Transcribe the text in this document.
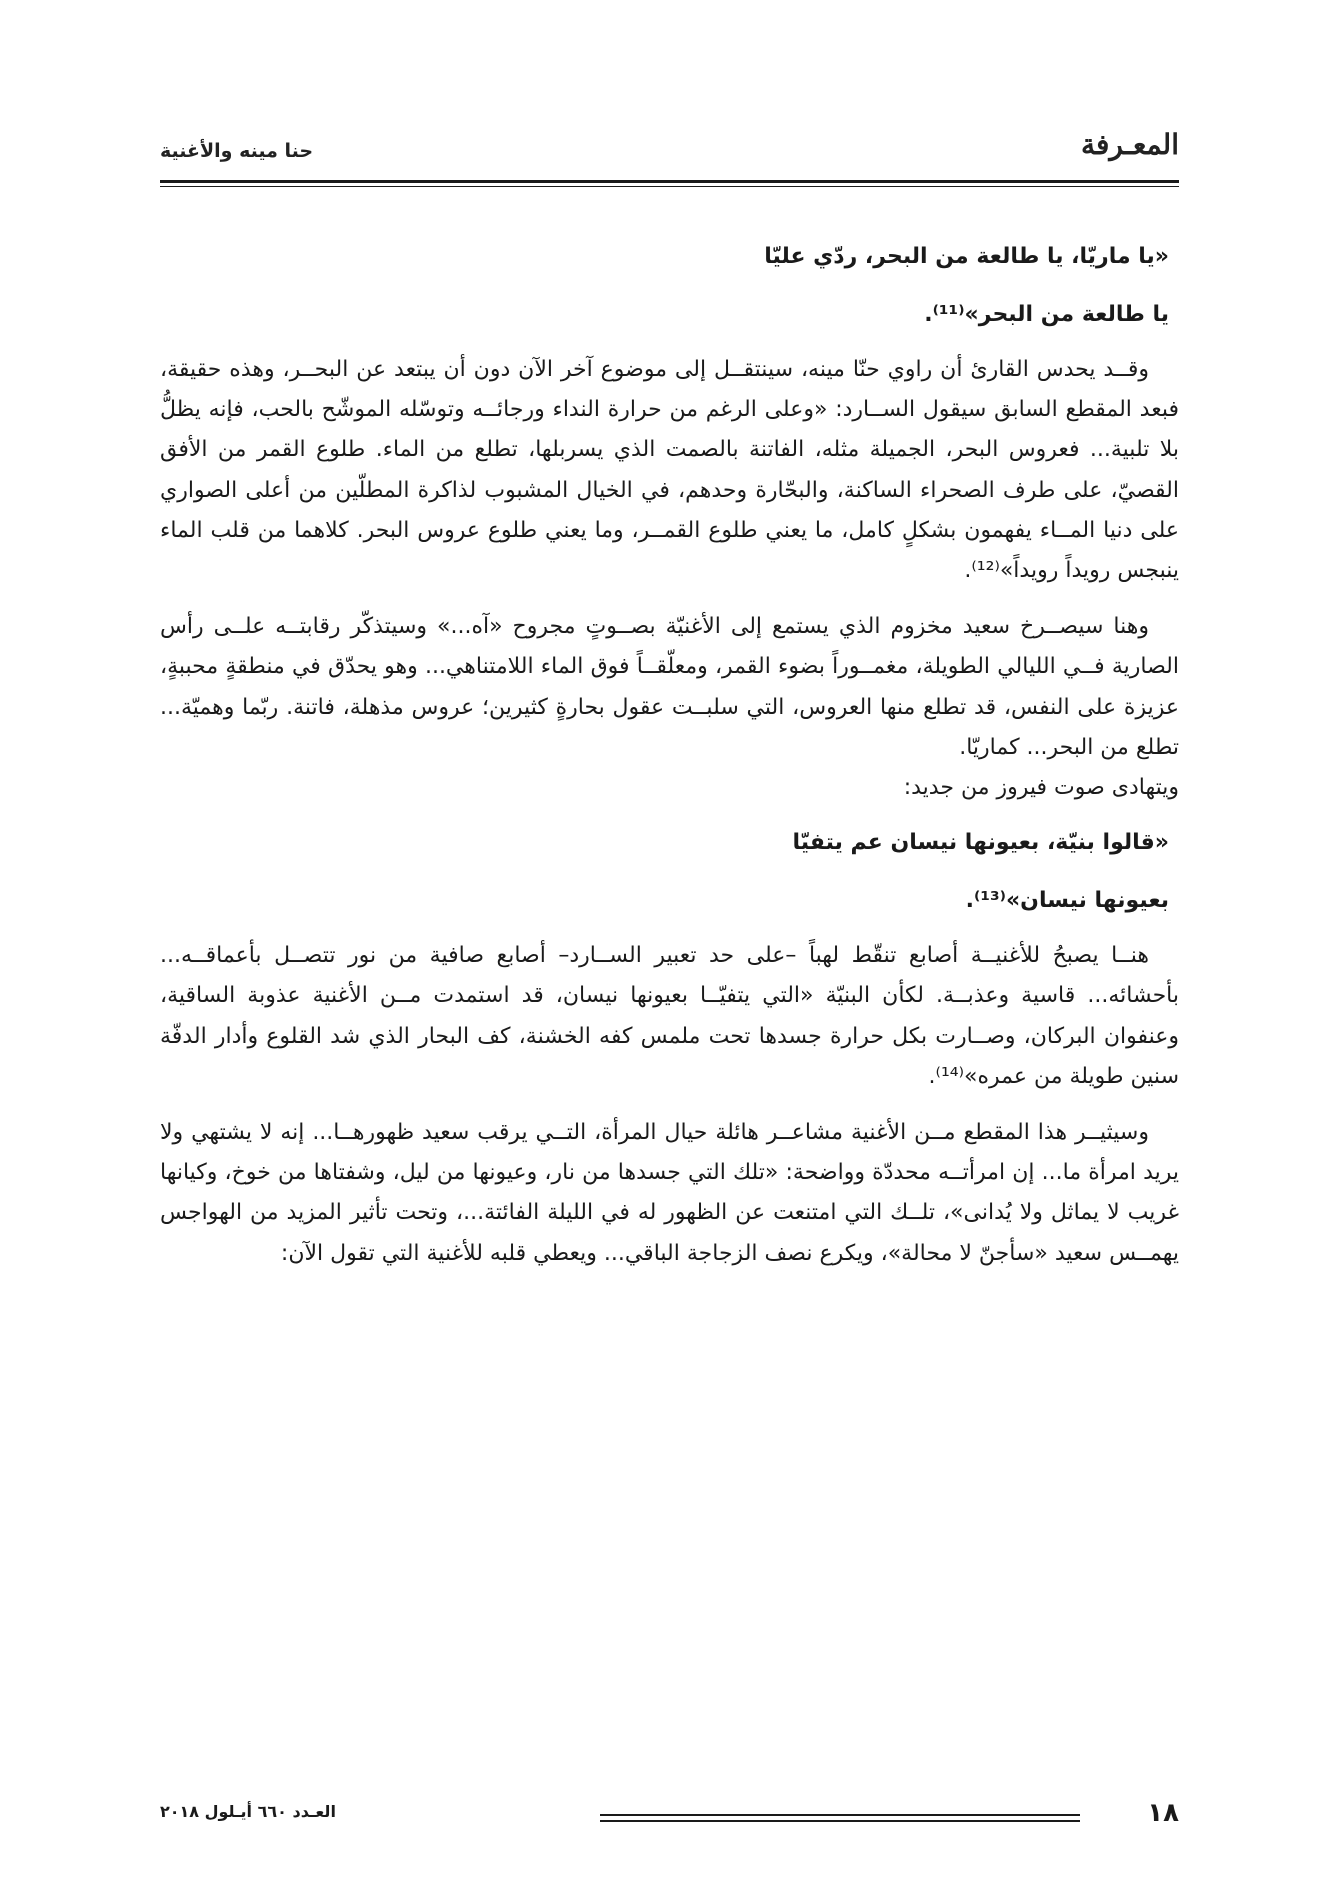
المعـرفة
حنا مينه والأغنية

«يا ماريّا، يا طالعة من البحر، ردّي عليّا

يا طالعة من البحر»⁽¹¹⁾.

وقــد يحدس القارئ أن راوي حنّا مينه، سينتقــل إلى موضوع آخر الآن دون أن يبتعد عن البحــر، وهذه حقيقة، فبعد المقطع السابق سيقول الســارد: «وعلى الرغم من حرارة النداء ورجائــه وتوسّله الموشّح بالحب، فإنه يظلُّ بلا تلبية... فعروس البحر، الجميلة مثله، الفاتنة بالصمت الذي يسربلها، تطلع من الماء. طلوع القمر من الأفق القصيّ، على طرف الصحراء الساكنة، والبحّارة وحدهم، في الخيال المشبوب لذاكرة المطلّين من أعلى الصواري على دنيا المــاء يفهمون بشكلٍ كامل، ما يعني طلوع القمــر، وما يعني طلوع عروس البحر. كلاهما من قلب الماء ينبجس رويداً رويداً»⁽¹²⁾.

وهنا سيصــرخ سعيد مخزوم الذي يستمع إلى الأغنيّة بصــوتٍ مجروح «آه...» وسيتذكّر رقابتــه علــى رأس الصارية فــي الليالي الطويلة، مغمــوراً بضوء القمر، ومعلّقــاً فوق الماء اللامتناهي... وهو يحدّق في منطقةٍ محببةٍ، عزيزة على النفس، قد تطلع منها العروس، التي سلبــت عقول بحارةٍ كثيرين؛ عروس مذهلة، فاتنة. ربّما وهميّة... تطلع من البحر... كماريّا.

ويتهادى صوت فيروز من جديد:

«قالوا بنيّة، بعيونها نيسان عم يتفيّا

بعيونها نيسان»⁽¹³⁾.

هنــا يصبحُ للأغنيــة أصابع تنقّط لهباً –على حد تعبير الســارد– أصابع صافية من نور تتصــل بأعماقــه... بأحشائه... قاسية وعذبــة. لكأن البنيّة «التي يتفيّــا بعيونها نيسان، قد استمدت مــن الأغنية عذوبة الساقية، وعنفوان البركان، وصــارت بكل حرارة جسدها تحت ملمس كفه الخشنة، كف البحار الذي شد القلوع وأدار الدفّة سنين طويلة من عمره»⁽¹⁴⁾.

وسيثيــر هذا المقطع مــن الأغنية مشاعــر هائلة حيال المرأة، التــي يرقب سعيد ظهورهــا... إنه لا يشتهي ولا يريد امرأة ما... إن امرأتــه محددّة وواضحة: «تلك التي جسدها من نار، وعيونها من ليل، وشفتاها من خوخ، وكيانها غريب لا يماثل ولا يُدانى»، تلــك التي امتنعت عن الظهور له في الليلة الفائتة...، وتحت تأثير المزيد من الهواجس يهمــس سعيد «سأجنّ لا محالة»، ويكرع نصف الزجاجة الباقي... ويعطي قلبه للأغنية التي تقول الآن:

١٨
العـدد ٦٦٠ أيـلول ٢٠١٨
